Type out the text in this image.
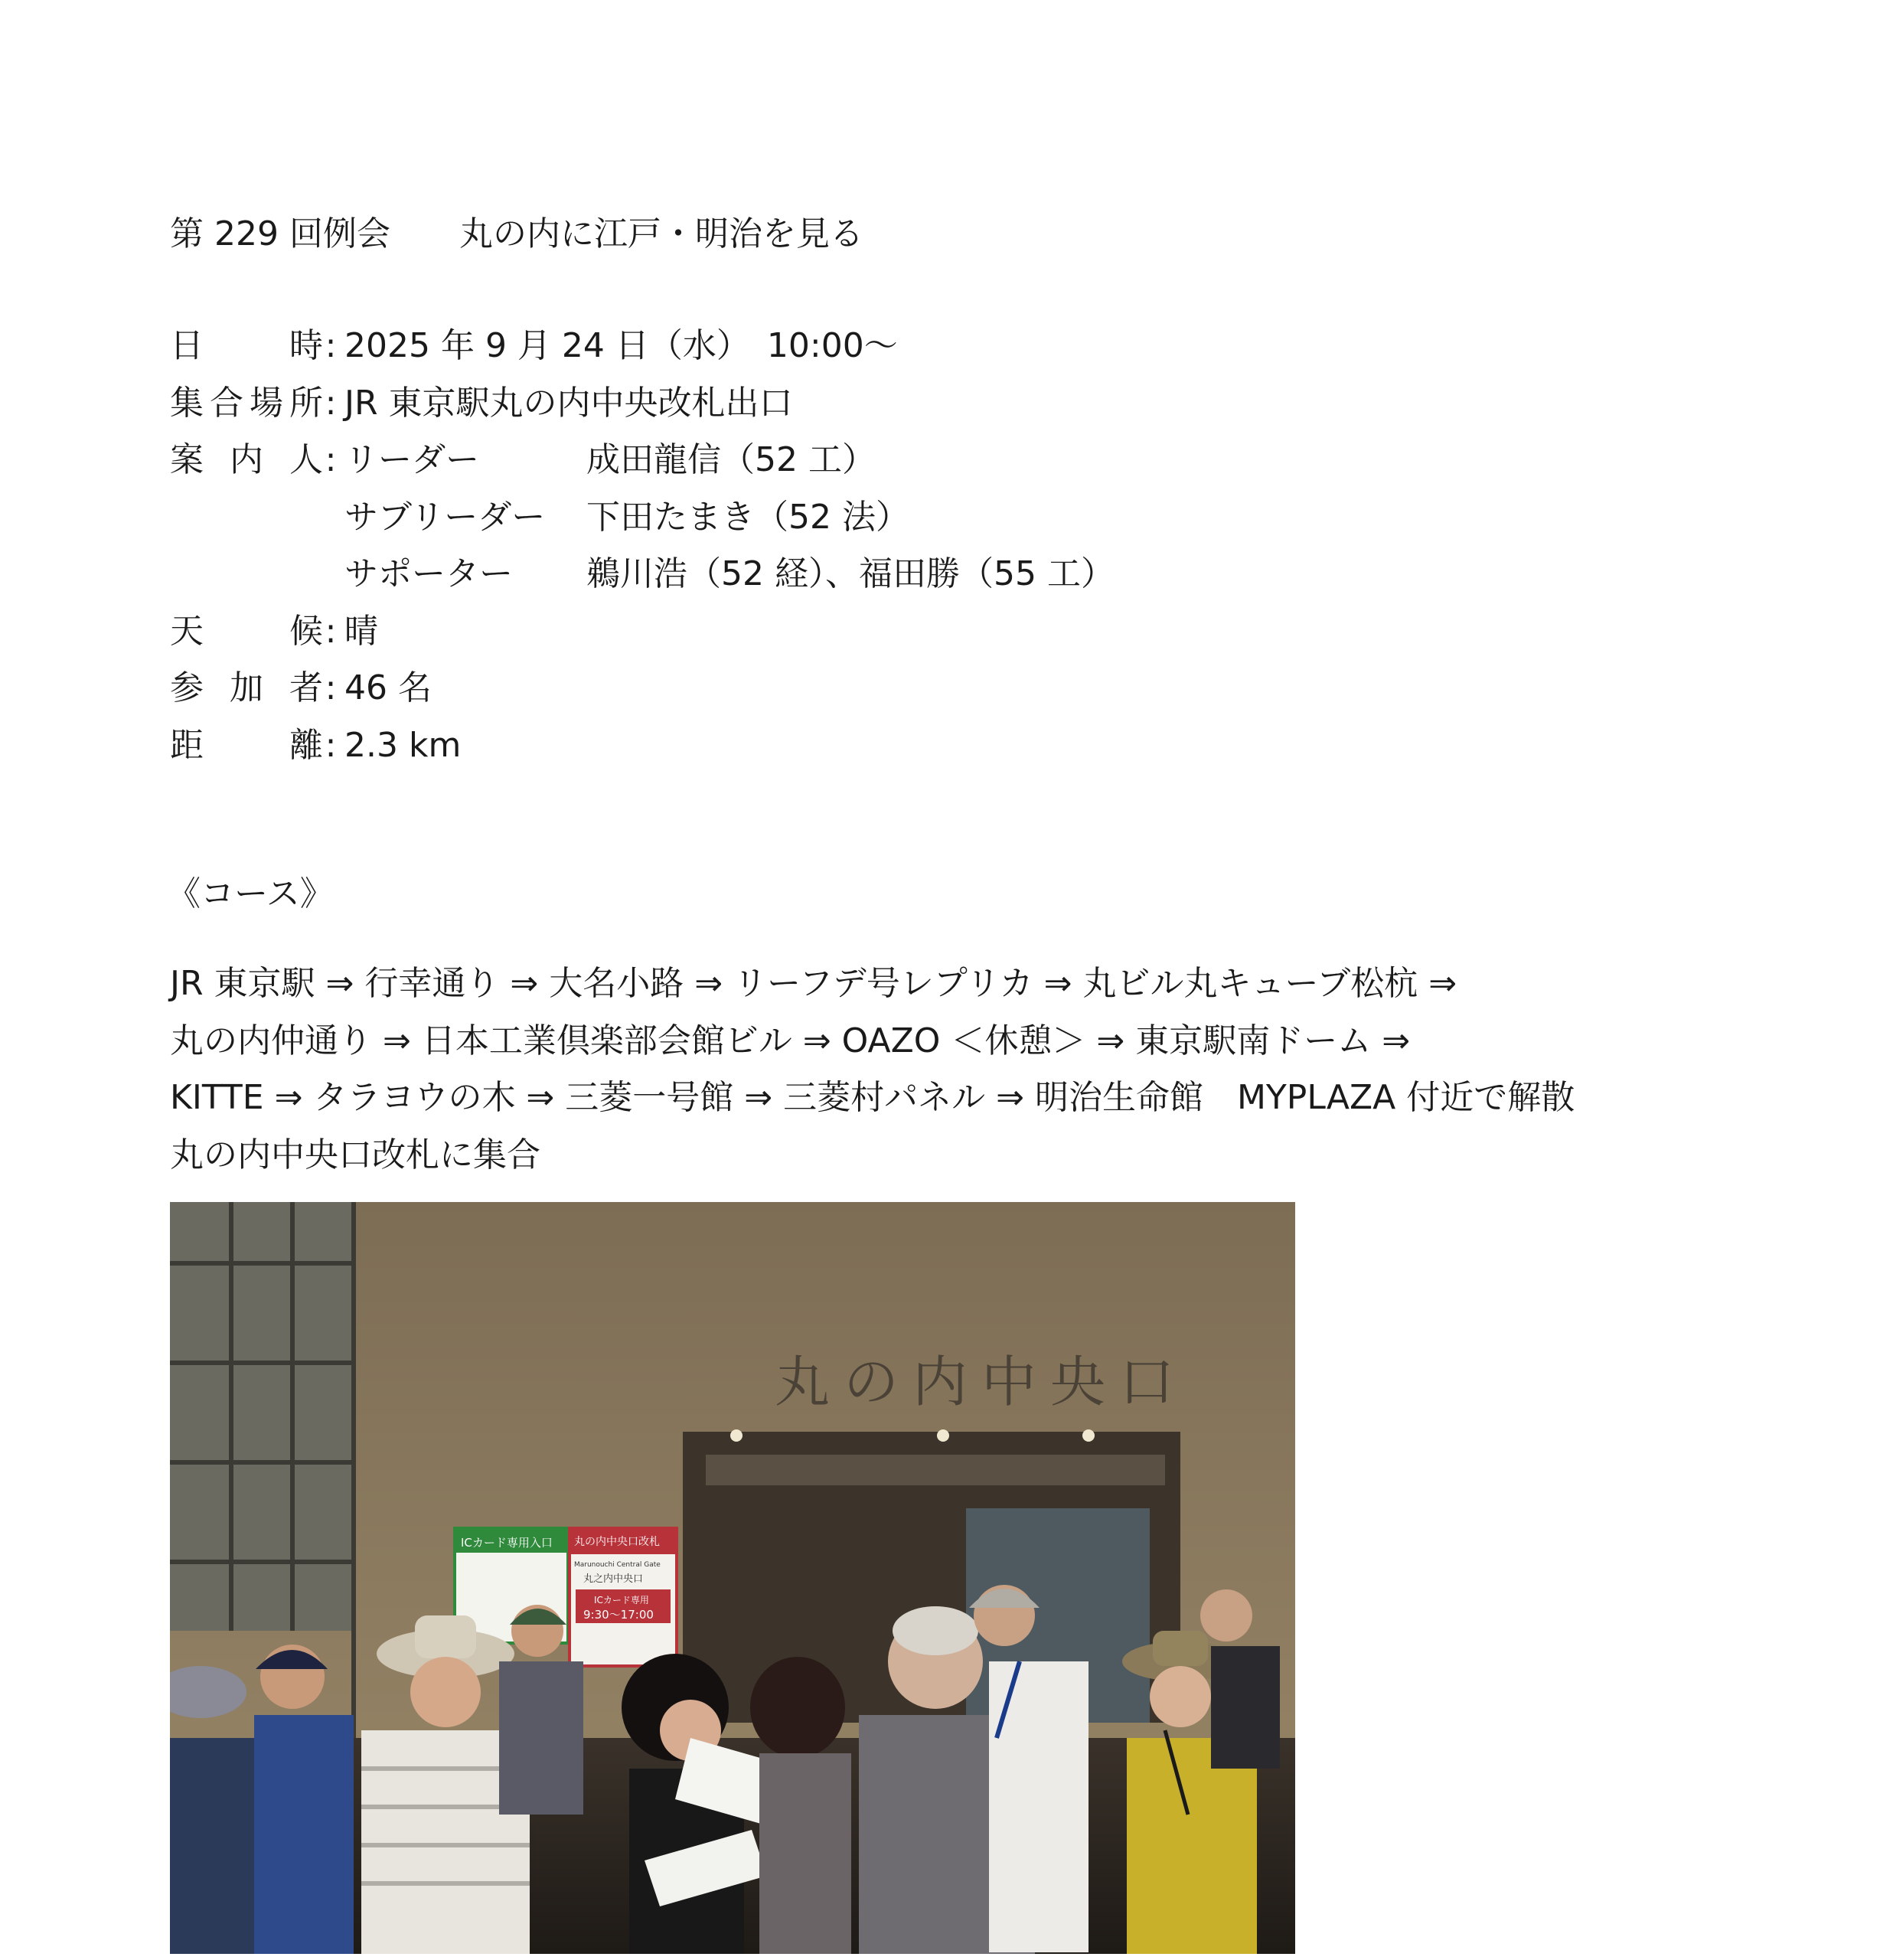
第 229 回例会 丸の内に江戸・明治を見る
日	時 : 2025 年 9 月 24 日（水）　10:00～
集 合 場 所 : JR 東京駅丸の内中央改札出口
案 内 人 : リーダー	成田龍信（52 工）
サブリーダー 下田たまき（52 法）
サポーター 鵜川浩（52 経）、福田勝（55 工）
天	候 : 晴
参 加 者 : 46 名
距	離 : 2.3 km
《コース》
JR 東京駅 ⇒ 行幸通り ⇒ 大名小路 ⇒ リーフデ号レプリカ ⇒ 丸ビル丸キューブ松杭 ⇒
丸の内仲通り ⇒ 日本工業倶楽部会館ビル ⇒ OAZO ＜休憩＞ ⇒ 東京駅南ドーム ⇒
KITTE ⇒ タラヨウの木 ⇒ 三菱一号館 ⇒ 三菱村パネル ⇒ 明治生命館　MYPLAZA 付近で解散
丸の内中央口改札に集合
丸の内中央口
ICカード専用入口 丸の内中央口改札
Marunouchi Central Gate
丸之内中央口
ICカード専用
9:30～17:00
